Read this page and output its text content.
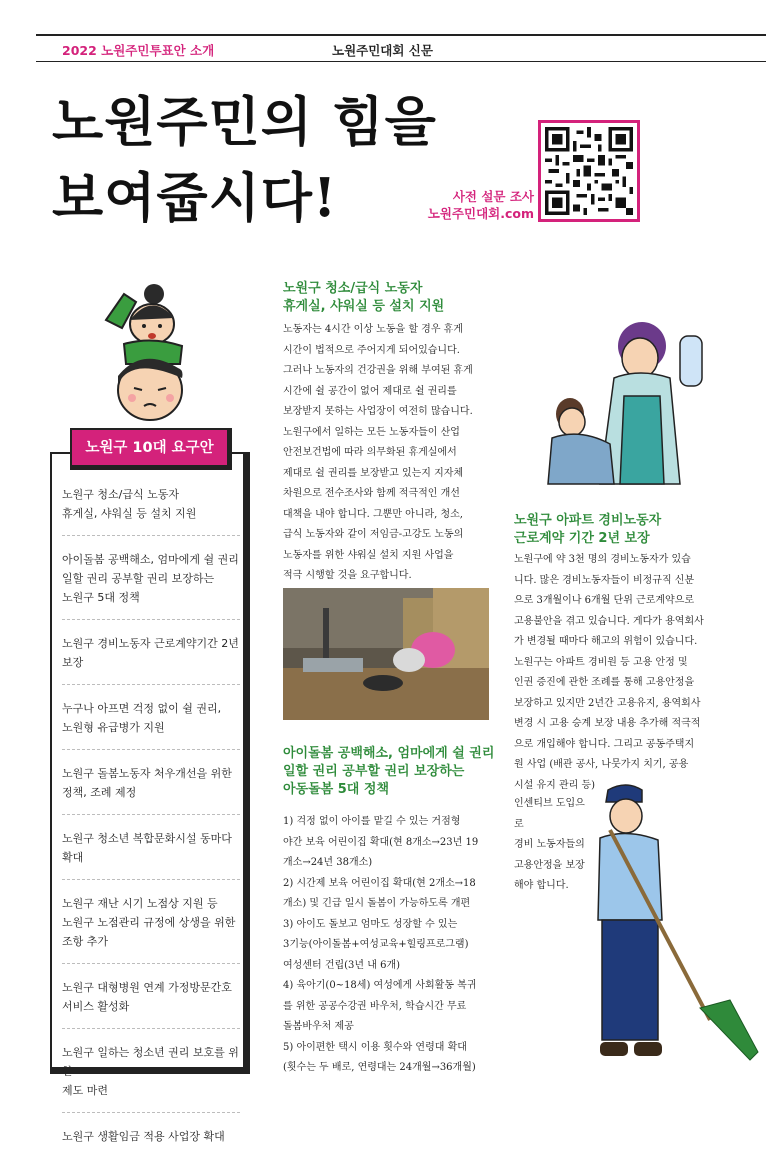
2022 노원주민투표안 소개	노원주민대회 신문
노원주민의 힘을
보여줍시다!	사전 설문 조사
노원주민대회.com
노원구 10대 요구안
노원구 청소/급식 노동자
휴게실, 샤워실 등 설치 지원
아이돌봄 공백해소, 엄마에게 쉴 권리
일할 권리 공부할 권리 보장하는
노원구 5대 정책
노원구 경비노동자 근로계약기간 2년 보장
누구나 아프면 걱정 없이 쉴 권리,
노원형 유급병가 지원
노원구 돌봄노동자 처우개선을 위한
정책, 조례 제정
노원구 청소년 복합문화시설 동마다 확대
노원구 재난 시기 노점상 지원 등
노원구 노점관리 규정에 상생을 위한
조항 추가
노원구 대형병원 연계 가정방문간호
서비스 활성화
노원구 일하는 청소년 권리 보호를 위한
제도 마련
노원구 생활임금 적용 사업장 확대
노원구 청소/급식 노동자
휴게실, 샤워실 등 설치 지원
노동자는 4시간 이상 노동을 할 경우 휴게
시간이 법적으로 주어지게 되어있습니다.
그러나 노동자의 건강권을 위해 부여된 휴게
시간에 쉴 공간이 없어 제대로 쉴 권리를
보장받지 못하는 사업장이 여전히 많습니다.
노원구에서 일하는 모든 노동자들이 산업
안전보건법에 따라 의무화된 휴게실에서
제대로 쉴 권리를 보장받고 있는지 지자체
차원으로 전수조사와 함께 적극적인 개선
대책을 내야 합니다. 그뿐만 아니라, 청소,
급식 노동자와 같이 저임금-고강도 노동의
노동자를 위한 샤워실 설치 지원 사업을
적극 시행할 것을 요구합니다.
아이돌봄 공백해소, 엄마에게 쉴 권리
일할 권리 공부할 권리 보장하는
아동돌봄 5대 정책
1) 걱정 없이 아이를 맡길 수 있는 거점형
야간 보육 어린이집 확대(현 8개소→23년 19
개소→24년 38개소)
2) 시간제 보육 어린이집 확대(현 2개소→18
개소) 및 긴급 일시 돌봄이 가능하도록 개편
3) 아이도 돌보고 엄마도 성장할 수 있는
3기능(아이돌봄+여성교육+힐링프로그램)
여성센터 건립(3년 내 6개)
4) 육아기(0~18세) 여성에게 사회활동 복귀
를 위한 공공수강권 바우처, 학습시간 무료
돌봄바우처 제공
5) 아이편한 택시 이용 횟수와 연령대 확대
(횟수는 두 배로, 연령대는 24개월→36개월)
노원구 아파트 경비노동자
근로계약 기간 2년 보장
노원구에 약 3천 명의 경비노동자가 있습
니다. 많은 경비노동자들이 비정규직 신분
으로 3개월이나 6개월 단위 근로계약으로
고용불안을 겪고 있습니다. 게다가 용역회사
가 변경될 때마다 해고의 위험이 있습니다.
노원구는 아파트 경비원 등 고용 안정 및
인권 증진에 관한 조례를 통해 고용안정을
보장하고 있지만 2년간 고용유지, 용역회사
변경 시 고용 승계 보장 내용 추가해 적극적
으로 개입해야 합니다. 그리고 공동주택지
원 사업 (배관 공사, 나뭇가지 치기, 공용
시설 유지 관리 등)
인센티브 도입으로
경비 노동자들의
고용안정을 보장
해야 합니다.
